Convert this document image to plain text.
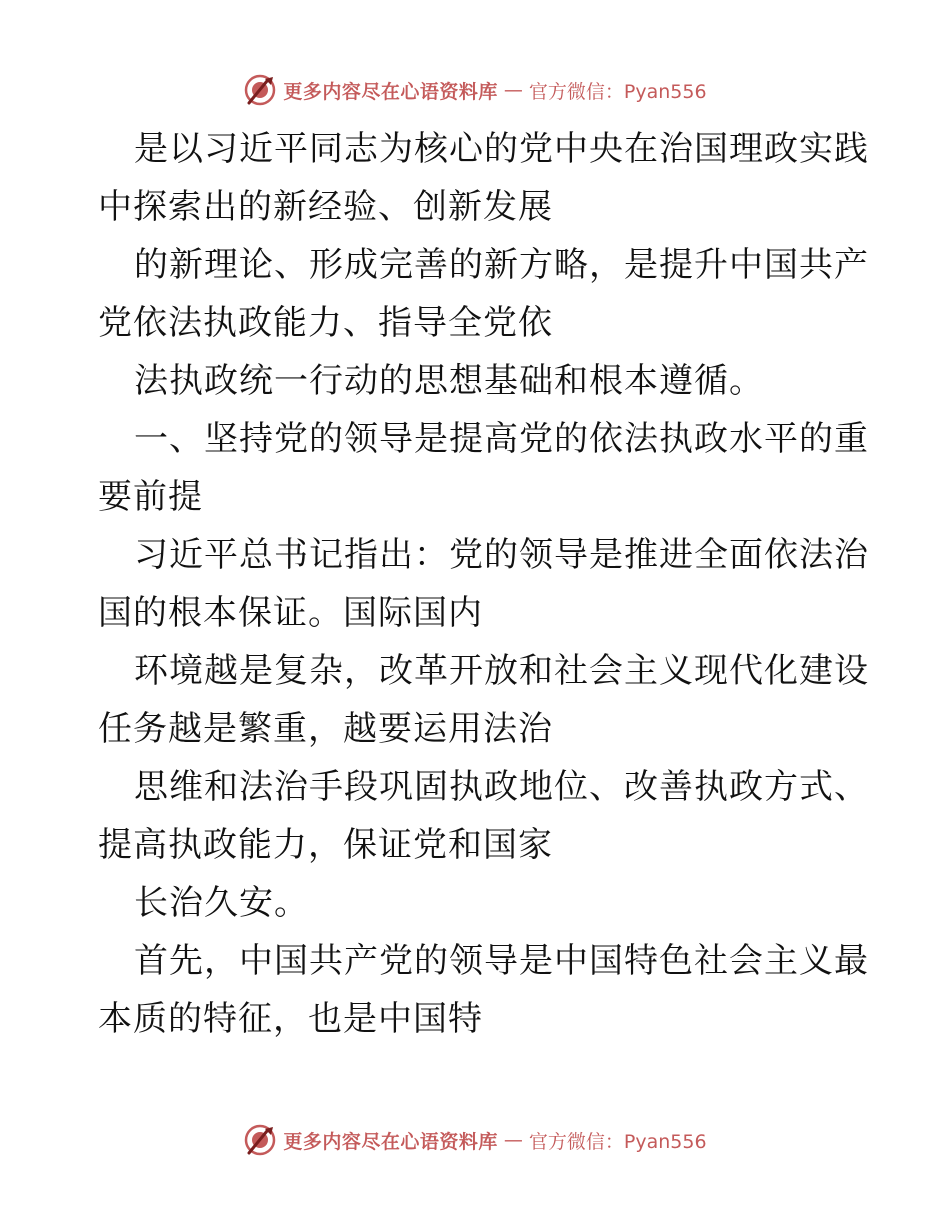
更多内容尽在心语资料库 — 官方微信：Pyan556
是以习近平同志为核心的党中央在治国理政实践
中探索出的新经验、创新发展
的新理论、形成完善的新方略，是提升中国共产
党依法执政能力、指导全党依
法执政统一行动的思想基础和根本遵循。
一、坚持党的领导是提高党的依法执政水平的重
要前提
习近平总书记指出：党的领导是推进全面依法治
国的根本保证。国际国内
环境越是复杂，改革开放和社会主义现代化建设
任务越是繁重，越要运用法治
思维和法治手段巩固执政地位、改善执政方式、
提高执政能力，保证党和国家
长治久安。
首先，中国共产党的领导是中国特色社会主义最
本质的特征，也是中国特
更多内容尽在心语资料库 — 官方微信：Pyan556
